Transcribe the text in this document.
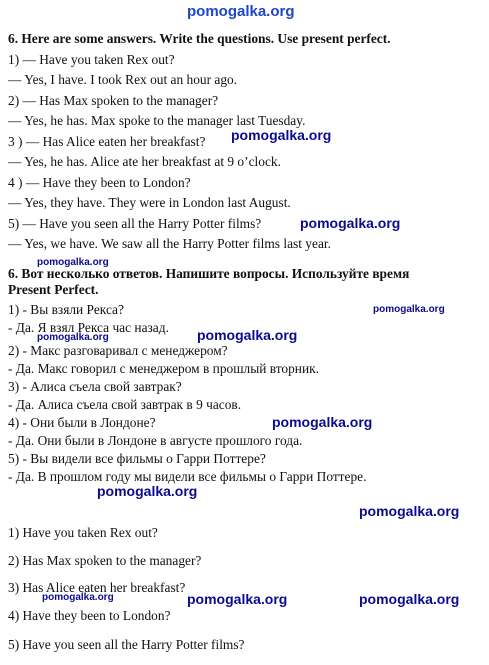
pomogalka.org
6. Here are some answers. Write the questions. Use present perfect.
1) — Have you taken Rex out?
— Yes, I have. I took Rex out an hour ago.
2) — Has Max spoken to the manager?
— Yes, he has. Max spoke to the manager last Tuesday.
3 ) — Has Alice eaten her breakfast?
— Yes, he has. Alice ate her breakfast at 9 o’clock.
4 ) — Have they been to London?
— Yes, they have. They were in London last August.
5) — Have you seen all the Harry Potter films?
— Yes, we have. We saw all the Harry Potter films last year.
pomogalka.org
pomogalka.org
pomogalka.org
6. Вот несколько ответов. Напишите вопросы. Используйте время
Present Perfect.
1) - Вы взяли Рекса?
- Да. Я взял Рекса час назад.
2) - Макс разговаривал с менеджером?
- Да. Макс говорил с менеджером в прошлый вторник.
3) - Алиса съела свой завтрак?
- Да. Алиса съела свой завтрак в 9 часов.
4) - Они были в Лондоне?
- Да. Они были в Лондоне в августе прошлого года.
5) - Вы видели все фильмы о Гарри Поттере?
- Да. В прошлом году мы видели все фильмы о Гарри Поттере.
pomogalka.org
pomogalka.org	pomogalka.org
pomogalka.org
pomogalka.org
pomogalka.org
1) Have you taken Rex out?
2) Has Max spoken to the manager?
3) Has Alice eaten her breakfast?
4) Have they been to London?
5) Have you seen all the Harry Potter films?
pomogalka.org	pomogalka.org	pomogalka.org
